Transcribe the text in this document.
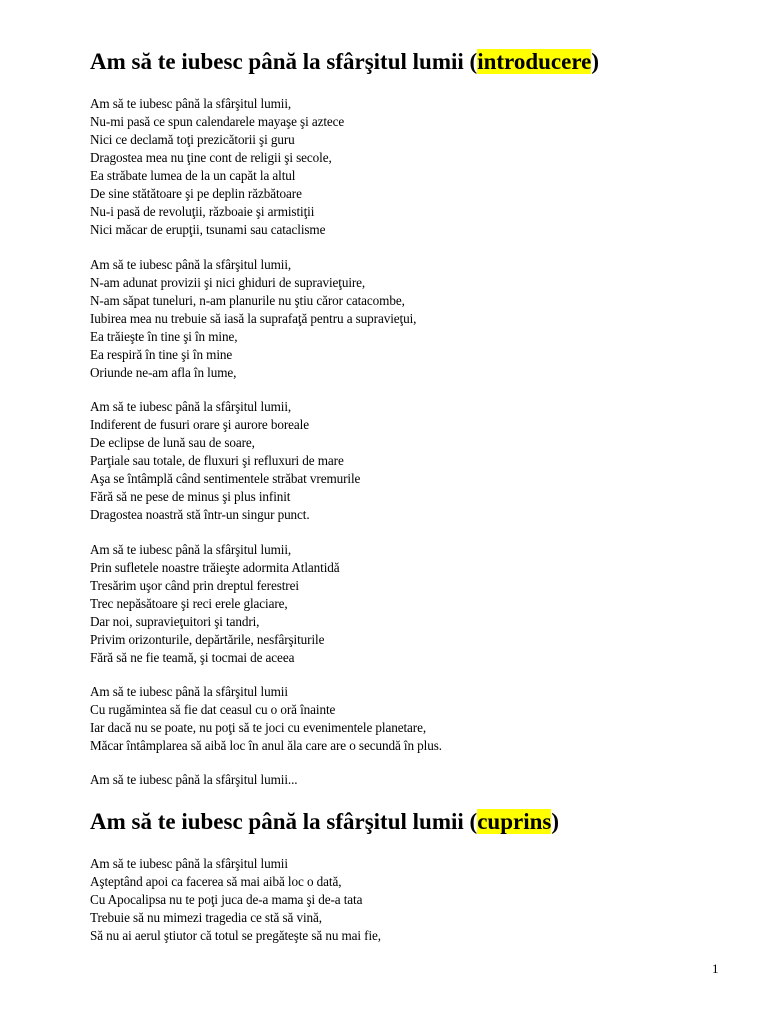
Am să te iubesc până la sfârşitul lumii (introducere)
Am să te iubesc până la sfârşitul lumii,
Nu-mi pasă ce spun calendarele mayaşe şi aztece
Nici ce declamă toţi prezicătorii şi guru
Dragostea mea nu ţine cont de religii şi secole,
Ea străbate lumea de la un capăt la altul
De sine stătătoare şi pe deplin răzbătoare
Nu-i pasă de revoluţii, războaie şi armistiţii
Nici măcar de erupţii, tsunami sau cataclisme
Am să te iubesc până la sfârşitul lumii,
N-am adunat provizii şi nici ghiduri de supravieţuire,
N-am săpat tuneluri, n-am planurile nu ştiu căror catacombe,
Iubirea mea nu trebuie să iasă la suprafaţă pentru a supravieţui,
Ea trăieşte în tine şi în mine,
Ea respiră în tine şi în mine
Oriunde ne-am afla în lume,
Am să te iubesc până la sfârşitul lumii,
Indiferent de fusuri orare şi aurore boreale
De eclipse de lună sau de soare,
Parţiale sau totale, de fluxuri şi refluxuri de mare
Aşa se întâmplă când sentimentele străbat vremurile
Fără să ne pese de minus şi plus infinit
Dragostea noastră stă într-un singur punct.
Am să te iubesc până la sfârşitul lumii,
Prin sufletele noastre trăieşte adormita Atlantidă
Tresărim uşor când prin dreptul ferestrei
Trec nepăsătoare şi reci erele glaciare,
Dar noi, supravieţuitori şi tandri,
Privim orizonturile, depărtările, nesfârşiturile
Fără să ne fie teamă, şi tocmai de aceea
Am să te iubesc până la sfârşitul lumii
Cu rugămintea să fie dat ceasul cu o oră înainte
Iar dacă nu se poate, nu poţi să te joci cu evenimentele planetare,
Măcar întâmplarea să aibă loc în anul ăla care are o secundă în plus.
Am să te iubesc până la sfârşitul lumii...
Am să te iubesc până la sfârşitul lumii (cuprins)
Am să te iubesc până la sfârşitul lumii
Aşteptând apoi ca facerea să mai aibă loc o dată,
Cu Apocalipsa nu te poţi juca de-a mama şi de-a tata
Trebuie să nu mimezi tragedia ce stă să vină,
Să nu ai aerul ştiutor că totul se pregăteşte să nu mai fie,
1
